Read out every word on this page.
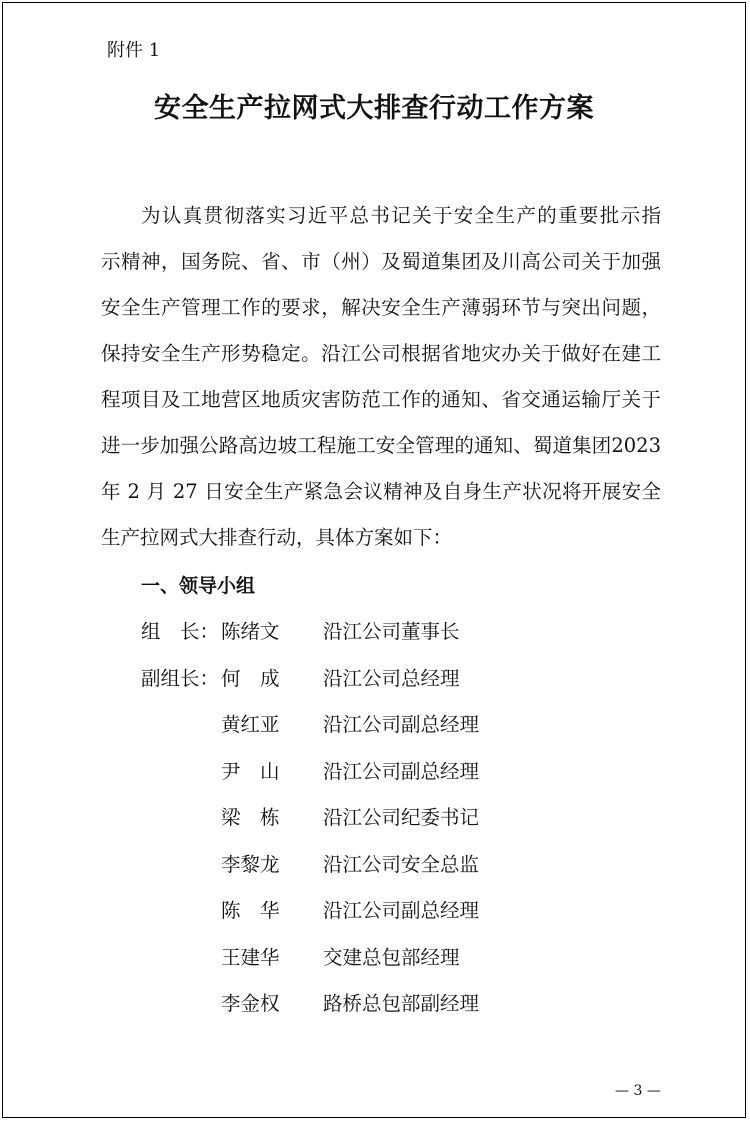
附件 1
安全生产拉网式大排查行动工作方案
为认真贯彻落实习近平总书记关于安全生产的重要批示指
示精神，国务院、省、市（州）及蜀道集团及川高公司关于加强
安全生产管理工作的要求，解决安全生产薄弱环节与突出问题，
保持安全生产形势稳定。沿江公司根据省地灾办关于做好在建工
程项目及工地营区地质灾害防范工作的通知、省交通运输厅关于
进一步加强公路高边坡工程施工安全管理的通知、蜀道集团2023
年 2 月 27 日安全生产紧急会议精神及自身生产状况将开展安全
生产拉网式大排查行动，具体方案如下：
一、领导小组
组　长： 陈绪文	沿江公司董事长
副组长： 何　成	沿江公司总经理
黄红亚	沿江公司副总经理
尹　山	沿江公司副总经理
梁　栋	沿江公司纪委书记
李黎龙	沿江公司安全总监
陈　华	沿江公司副总经理
王建华	交建总包部经理
李金权	路桥总包部副经理
— 3 —
